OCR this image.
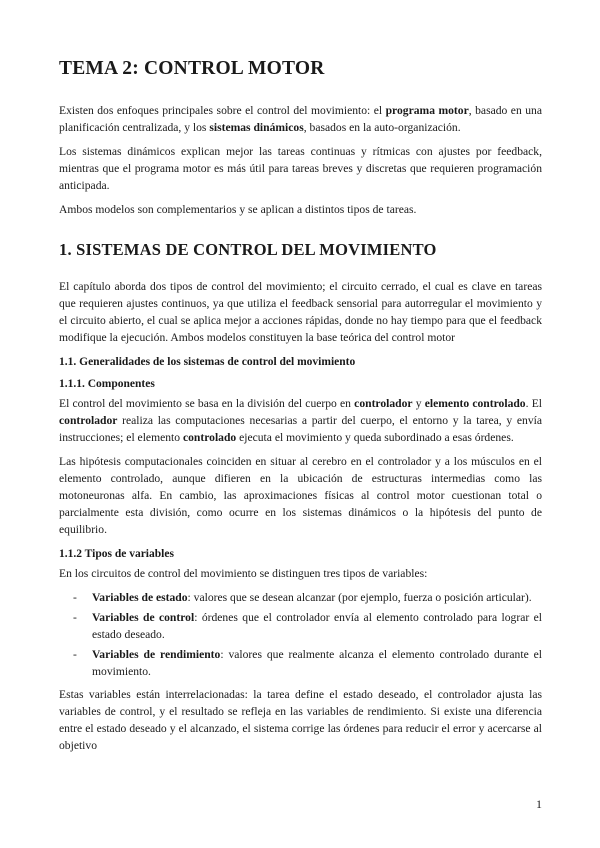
TEMA 2: CONTROL MOTOR

Existen dos enfoques principales sobre el control del movimiento: el programa motor, basado en una planificación centralizada, y los sistemas dinámicos, basados en la auto-organización.

Los sistemas dinámicos explican mejor las tareas continuas y rítmicas con ajustes por feedback, mientras que el programa motor es más útil para tareas breves y discretas que requieren programación anticipada.

Ambos modelos son complementarios y se aplican a distintos tipos de tareas.

1. SISTEMAS DE CONTROL DEL MOVIMIENTO

El capítulo aborda dos tipos de control del movimiento; el circuito cerrado, el cual es clave en tareas que requieren ajustes continuos, ya que utiliza el feedback sensorial para autorregular el movimiento y el circuito abierto, el cual se aplica mejor a acciones rápidas, donde no hay tiempo para que el feedback modifique la ejecución. Ambos modelos constituyen la base teórica del control motor

1.1. Generalidades de los sistemas de control del movimiento
1.1.1. Componentes

El control del movimiento se basa en la división del cuerpo en controlador y elemento controlado. El controlador realiza las computaciones necesarias a partir del cuerpo, el entorno y la tarea, y envía instrucciones; el elemento controlado ejecuta el movimiento y queda subordinado a esas órdenes.

Las hipótesis computacionales coinciden en situar al cerebro en el controlador y a los músculos en el elemento controlado, aunque difieren en la ubicación de estructuras intermedias como las motoneuronas alfa. En cambio, las aproximaciones físicas al control motor cuestionan total o parcialmente esta división, como ocurre en los sistemas dinámicos o la hipótesis del punto de equilibrio.

1.1.2 Tipos de variables

En los circuitos de control del movimiento se distinguen tres tipos de variables:

- Variables de estado: valores que se desean alcanzar (por ejemplo, fuerza o posición articular).
- Variables de control: órdenes que el controlador envía al elemento controlado para lograr el estado deseado.
- Variables de rendimiento: valores que realmente alcanza el elemento controlado durante el movimiento.

Estas variables están interrelacionadas: la tarea define el estado deseado, el controlador ajusta las variables de control, y el resultado se refleja en las variables de rendimiento. Si existe una diferencia entre el estado deseado y el alcanzado, el sistema corrige las órdenes para reducir el error y acercarse al objetivo

1
